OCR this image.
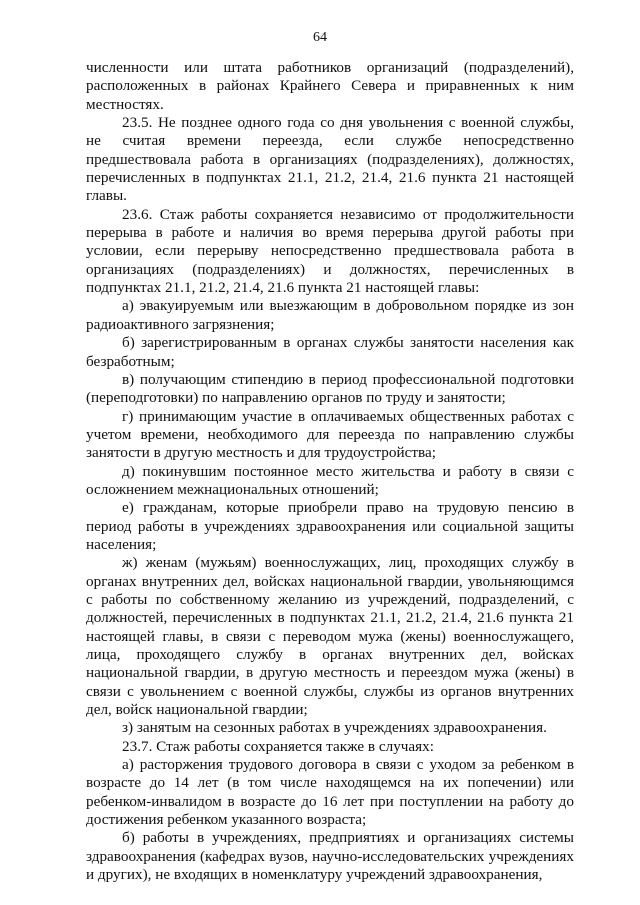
64

численности или штата работников организаций (подразделений), расположенных в районах Крайнего Севера и приравненных к ним местностях.

23.5. Не позднее одного года со дня увольнения с военной службы, не считая времени переезда, если службе непосредственно предшествовала работа в организациях (подразделениях), должностях, перечисленных в подпунктах 21.1, 21.2, 21.4, 21.6 пункта 21 настоящей главы.

23.6. Стаж работы сохраняется независимо от продолжительности перерыва в работе и наличия во время перерыва другой работы при условии, если перерыву непосредственно предшествовала работа в организациях (подразделениях) и должностях, перечисленных в подпунктах 21.1, 21.2, 21.4, 21.6 пункта 21 настоящей главы:

а) эвакуируемым или выезжающим в добровольном порядке из зон радиоактивного загрязнения;

б) зарегистрированным в органах службы занятости населения как безработным;

в) получающим стипендию в период профессиональной подготовки (переподготовки) по направлению органов по труду и занятости;

г) принимающим участие в оплачиваемых общественных работах с учетом времени, необходимого для переезда по направлению службы занятости в другую местность и для трудоустройства;

д) покинувшим постоянное место жительства и работу в связи с осложнением межнациональных отношений;

е) гражданам, которые приобрели право на трудовую пенсию в период работы в учреждениях здравоохранения или социальной защиты населения;

ж) женам (мужьям) военнослужащих, лиц, проходящих службу в органах внутренних дел, войсках национальной гвардии, увольняющимся с работы по собственному желанию из учреждений, подразделений, с должностей, перечисленных в подпунктах 21.1, 21.2, 21.4, 21.6 пункта 21 настоящей главы, в связи с переводом мужа (жены) военнослужащего, лица, проходящего службу в органах внутренних дел, войсках национальной гвардии, в другую местность и переездом мужа (жены) в связи с увольнением с военной службы, службы из органов внутренних дел, войск национальной гвардии;

з) занятым на сезонных работах в учреждениях здравоохранения.

23.7. Стаж работы сохраняется также в случаях:

а) расторжения трудового договора в связи с уходом за ребенком в возрасте до 14 лет (в том числе находящемся на их попечении) или ребенком-инвалидом в возрасте до 16 лет при поступлении на работу до достижения ребенком указанного возраста;

б) работы в учреждениях, предприятиях и организациях системы здравоохранения (кафедрах вузов, научно-исследовательских учреждениях и других), не входящих в номенклатуру учреждений здравоохранения,
